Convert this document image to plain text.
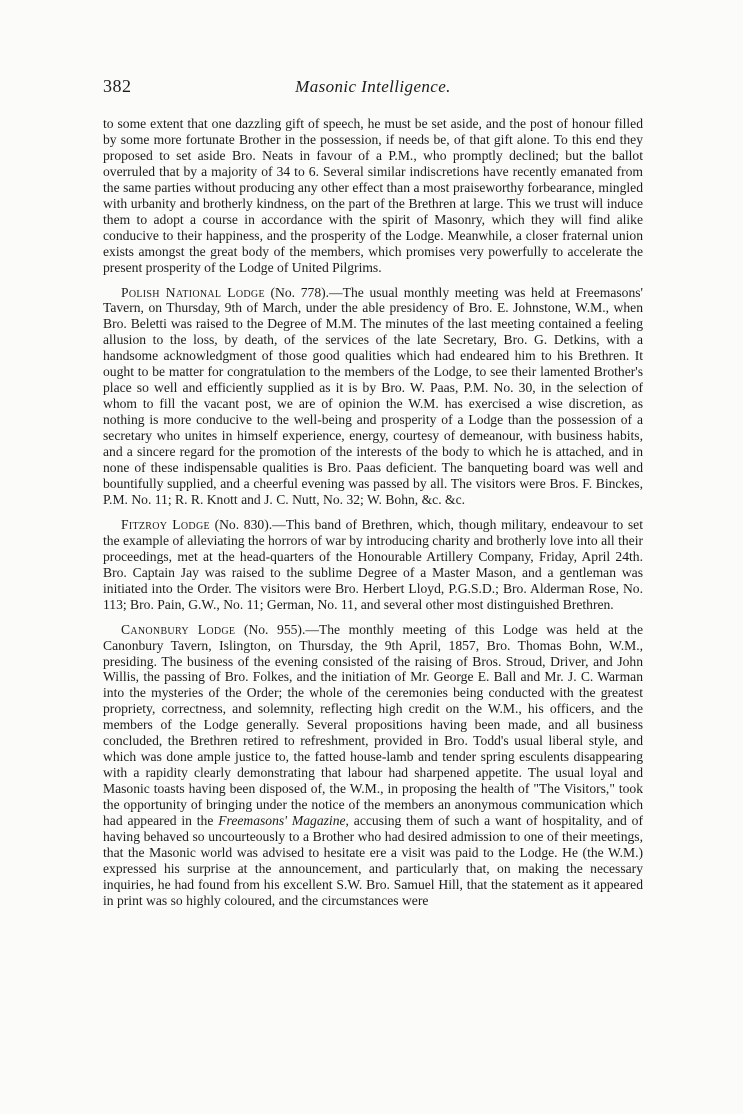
382	Masonic Intelligence.

to some extent that one dazzling gift of speech, he must be set aside, and the post of honour filled by some more fortunate Brother in the possession, if needs be, of that gift alone. To this end they proposed to set aside Bro. Neats in favour of a P.M., who promptly declined; but the ballot overruled that by a majority of 34 to 6. Several similar indiscretions have recently emanated from the same parties without producing any other effect than a most praiseworthy forbearance, mingled with urbanity and brotherly kindness, on the part of the Brethren at large. This we trust will induce them to adopt a course in accordance with the spirit of Masonry, which they will find alike conducive to their happiness, and the prosperity of the Lodge. Meanwhile, a closer fraternal union exists amongst the great body of the members, which promises very powerfully to accelerate the present prosperity of the Lodge of United Pilgrims.

Polish National Lodge (No. 778).—The usual monthly meeting was held at Freemasons' Tavern, on Thursday, 9th of March, under the able presidency of Bro. E. Johnstone, W.M., when Bro. Beletti was raised to the Degree of M.M. The minutes of the last meeting contained a feeling allusion to the loss, by death, of the services of the late Secretary, Bro. G. Detkins, with a handsome acknowledgment of those good qualities which had endeared him to his Brethren. It ought to be matter for congratulation to the members of the Lodge, to see their lamented Brother's place so well and efficiently supplied as it is by Bro. W. Paas, P.M. No. 30, in the selection of whom to fill the vacant post, we are of opinion the W.M. has exercised a wise discretion, as nothing is more conducive to the well-being and prosperity of a Lodge than the possession of a secretary who unites in himself experience, energy, courtesy of demeanour, with business habits, and a sincere regard for the promotion of the interests of the body to which he is attached, and in none of these indispensable qualities is Bro. Paas deficient. The banqueting board was well and bountifully supplied, and a cheerful evening was passed by all. The visitors were Bros. F. Binckes, P.M. No. 11; R. R. Knott and J. C. Nutt, No. 32; W. Bohn, &c. &c.

Fitzroy Lodge (No. 830).—This band of Brethren, which, though military, endeavour to set the example of alleviating the horrors of war by introducing charity and brotherly love into all their proceedings, met at the head-quarters of the Honourable Artillery Company, Friday, April 24th. Bro. Captain Jay was raised to the sublime Degree of a Master Mason, and a gentleman was initiated into the Order. The visitors were Bro. Herbert Lloyd, P.G.S.D.; Bro. Alderman Rose, No. 113; Bro. Pain, G.W., No. 11; German, No. 11, and several other most distinguished Brethren.

Canonbury Lodge (No. 955).—The monthly meeting of this Lodge was held at the Canonbury Tavern, Islington, on Thursday, the 9th April, 1857, Bro. Thomas Bohn, W.M., presiding. The business of the evening consisted of the raising of Bros. Stroud, Driver, and John Willis, the passing of Bro. Folkes, and the initiation of Mr. George E. Ball and Mr. J. C. Warman into the mysteries of the Order; the whole of the ceremonies being conducted with the greatest propriety, correctness, and solemnity, reflecting high credit on the W.M., his officers, and the members of the Lodge generally. Several propositions having been made, and all business concluded, the Brethren retired to refreshment, provided in Bro. Todd's usual liberal style, and which was done ample justice to, the fatted house-lamb and tender spring esculents disappearing with a rapidity clearly demonstrating that labour had sharpened appetite. The usual loyal and Masonic toasts having been disposed of, the W.M., in proposing the health of "The Visitors," took the opportunity of bringing under the notice of the members an anonymous communication which had appeared in the Freemasons' Magazine, accusing them of such a want of hospitality, and of having behaved so uncourteously to a Brother who had desired admission to one of their meetings, that the Masonic world was advised to hesitate ere a visit was paid to the Lodge. He (the W.M.) expressed his surprise at the announcement, and particularly that, on making the necessary inquiries, he had found from his excellent S.W. Bro. Samuel Hill, that the statement as it appeared in print was so highly coloured, and the circumstances were
